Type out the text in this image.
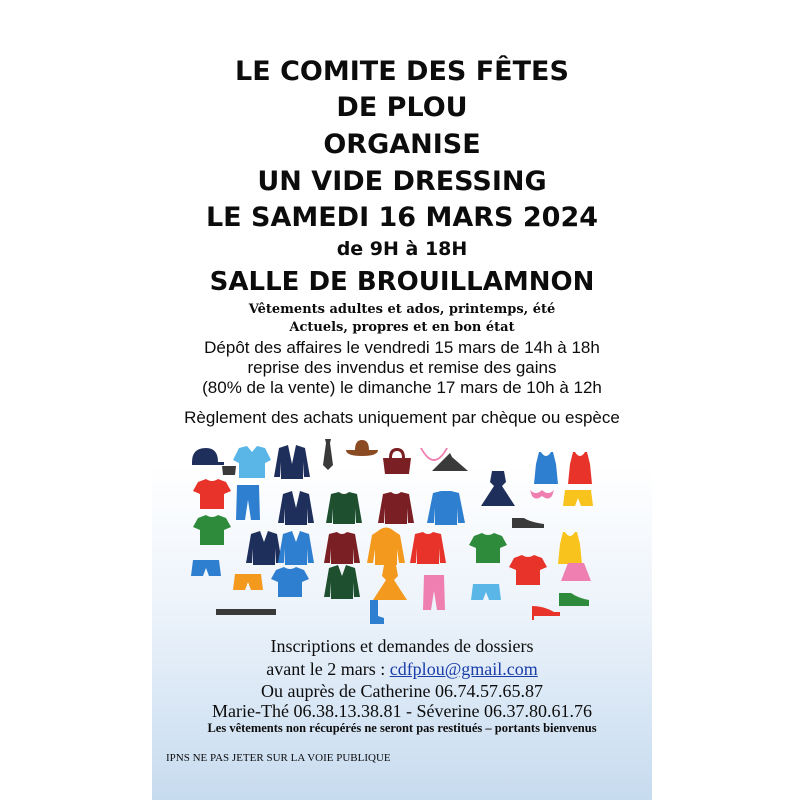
LE COMITE DES FÊTES
DE PLOU
ORGANISE
UN VIDE DRESSING
LE SAMEDI 16 MARS 2024
de 9H à 18H
SALLE DE BROUILLAMNON
Vêtements adultes et ados, printemps, été
Actuels, propres et en bon état
Dépôt des affaires le vendredi 15 mars de 14h à 18h
reprise des invendus et remise des gains
(80% de la vente) le dimanche 17 mars de 10h à 12h
Règlement des achats uniquement par chèque ou espèce
Inscriptions et demandes de dossiers
avant le 2 mars : cdfplou@gmail.com
Ou auprès de Catherine 06.74.57.65.87
Marie-Thé 06.38.13.38.81 - Séverine 06.37.80.61.76
Les vêtements non récupérés ne seront pas restitués – portants bienvenus
IPNS NE PAS JETER SUR LA VOIE PUBLIQUE
